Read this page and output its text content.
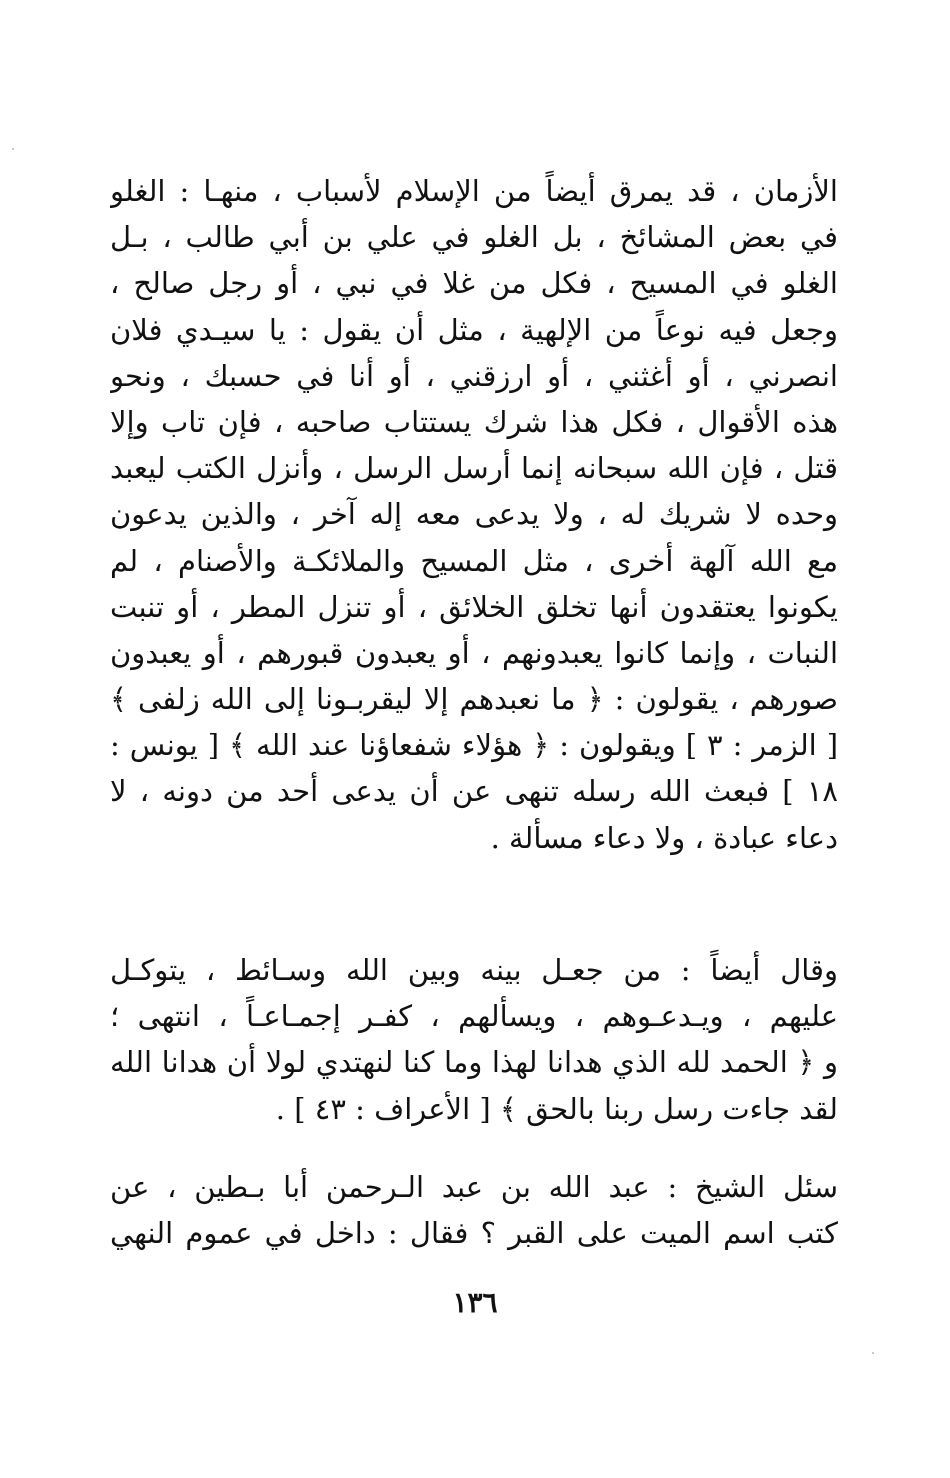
الأزمان ، قد يمرق أيضاً من الإسلام لأسباب ، منهـا : الغلو
في بعض المشائخ ، بل الغلو في علي بن أبي طالب ، بـل
الغلو في المسيح ، فكل من غلا في نبي ، أو رجل صالح ،
وجعل فيه نوعاً من الإلهية ، مثل أن يقول : يا سيـدي فلان
انصرني ، أو أغثني ، أو ارزقني ، أو أنا في حسبك ، ونحو
هذه الأقوال ، فكل هذا شرك يستتاب صاحبه ، فإن تاب وإلا
قتل ، فإن الله سبحانه إنما أرسل الرسل ، وأنزل الكتب ليعبد
وحده لا شريك له ، ولا يدعى معه إله آخر ، والذين يدعون
مع الله آلهة أخرى ، مثل المسيح والملائكـة والأصنام ، لم
يكونوا يعتقدون أنها تخلق الخلائق ، أو تنزل المطر ، أو تنبت
النبات ، وإنما كانوا يعبدونهم ، أو يعبدون قبورهم ، أو يعبدون
صورهم ، يقولون : ﴿ ما نعبدهم إلا ليقربـونا إلى الله زلفى ﴾
[ الزمر : ٣ ] ويقولون : ﴿ هؤلاء شفعاؤنا عند الله ﴾ [ يونس :
١٨ ] فبعث الله رسله تنهى عن أن يدعى أحد من دونه ، لا
دعاء عبادة ، ولا دعاء مسألة .
وقال أيضاً : من جعـل بينه وبين الله وسـائط ، يتوكـل
عليهم ، ويـدعـوهم ، ويسألهم ، كفـر إجمـاعـاً ، انتهى ؛
و ﴿ الحمد لله الذي هدانا لهذا وما كنا لنهتدي لولا أن هدانا الله
لقد جاءت رسل ربنا بالحق ﴾ [ الأعراف : ٤٣ ] .
سئل الشيخ : عبد الله بن عبد الـرحمن أبا بـطين ، عن
كتب اسم الميت على القبر ؟ فقال : داخل في عموم النهي
١٣٦
